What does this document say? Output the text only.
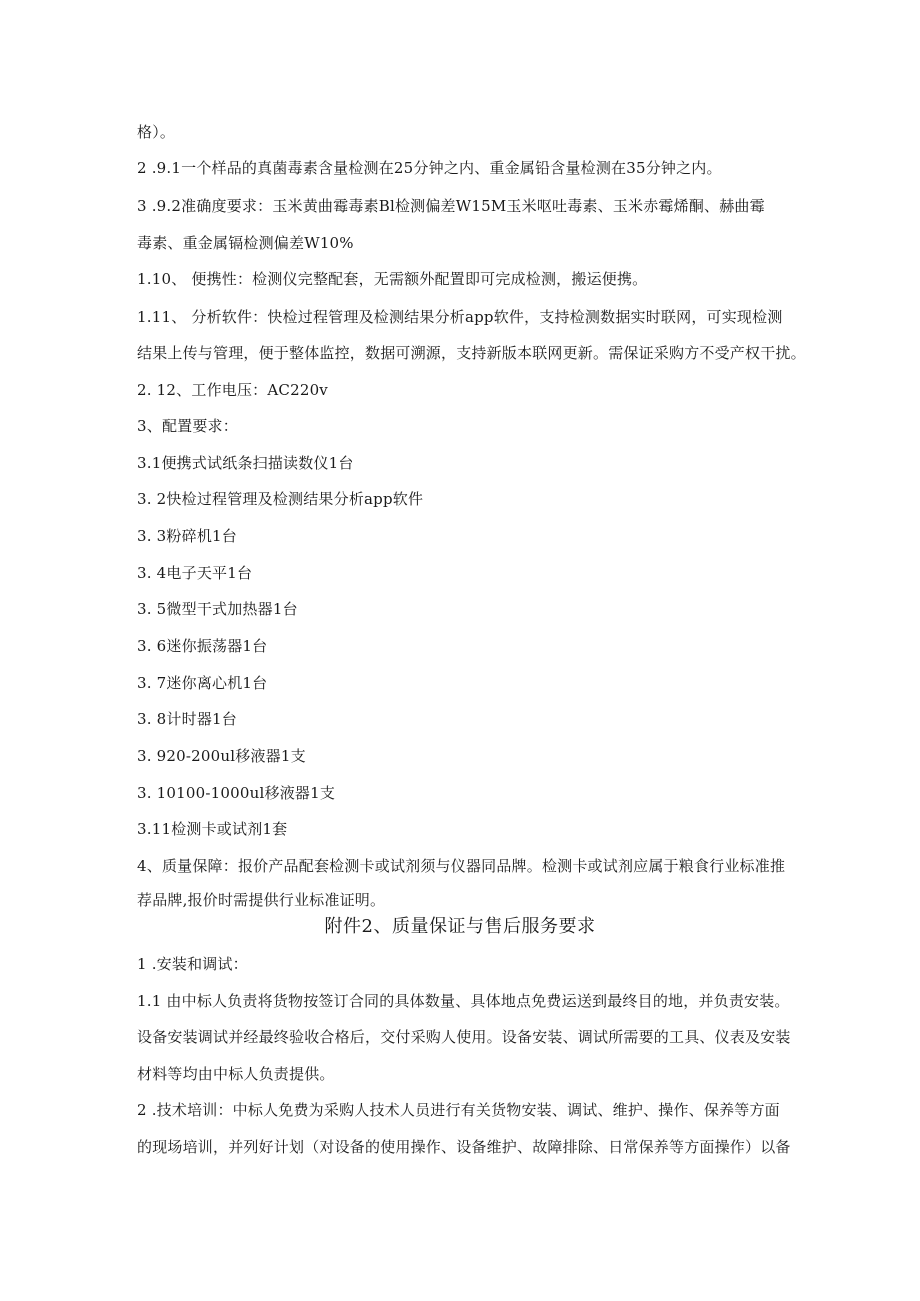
格）。
2 .9.1一个样品的真菌毒素含量检测在25分钟之内、重金属铅含量检测在35分钟之内。
3 .9.2准确度要求：玉米黄曲霉毒素Bl检测偏差W15M玉米呕吐毒素、玉米赤霉烯酮、赫曲霉
毒素、重金属镉检测偏差W10%
1.10、 便携性：检测仪完整配套，无需额外配置即可完成检测，搬运便携。
1.11、 分析软件：快检过程管理及检测结果分析app软件，支持检测数据实时联网，可实现检测
结果上传与管理，便于整体监控，数据可溯源，支持新版本联网更新。需保证采购方不受产权干扰。
2. 12、工作电压：AC220v
3、配置要求：
3.1便携式试纸条扫描读数仪1台
3. 2快检过程管理及检测结果分析app软件
3. 3粉碎机1台
3. 4电子天平1台
3. 5微型干式加热器1台
3. 6迷你振荡器1台
3. 7迷你离心机1台
3. 8计时器1台
3. 920-200ul移液器1支
3. 10100-1000ul移液器1支
3.11检测卡或试剂1套
4、质量保障：报价产品配套检测卡或试剂须与仪器同品牌。检测卡或试剂应属于粮食行业标准推
荐品牌,报价时需提供行业标准证明。
附件2、质量保证与售后服务要求
1 .安装和调试：
1.1 由中标人负责将货物按签订合同的具体数量、具体地点免费运送到最终目的地，并负责安装。
设备安装调试并经最终验收合格后，交付采购人使用。设备安装、调试所需要的工具、仪表及安装
材料等均由中标人负责提供。
2 .技术培训：中标人免费为采购人技术人员进行有关货物安装、调试、维护、操作、保养等方面
的现场培训，并列好计划（对设备的使用操作、设备维护、故障排除、日常保养等方面操作）以备
